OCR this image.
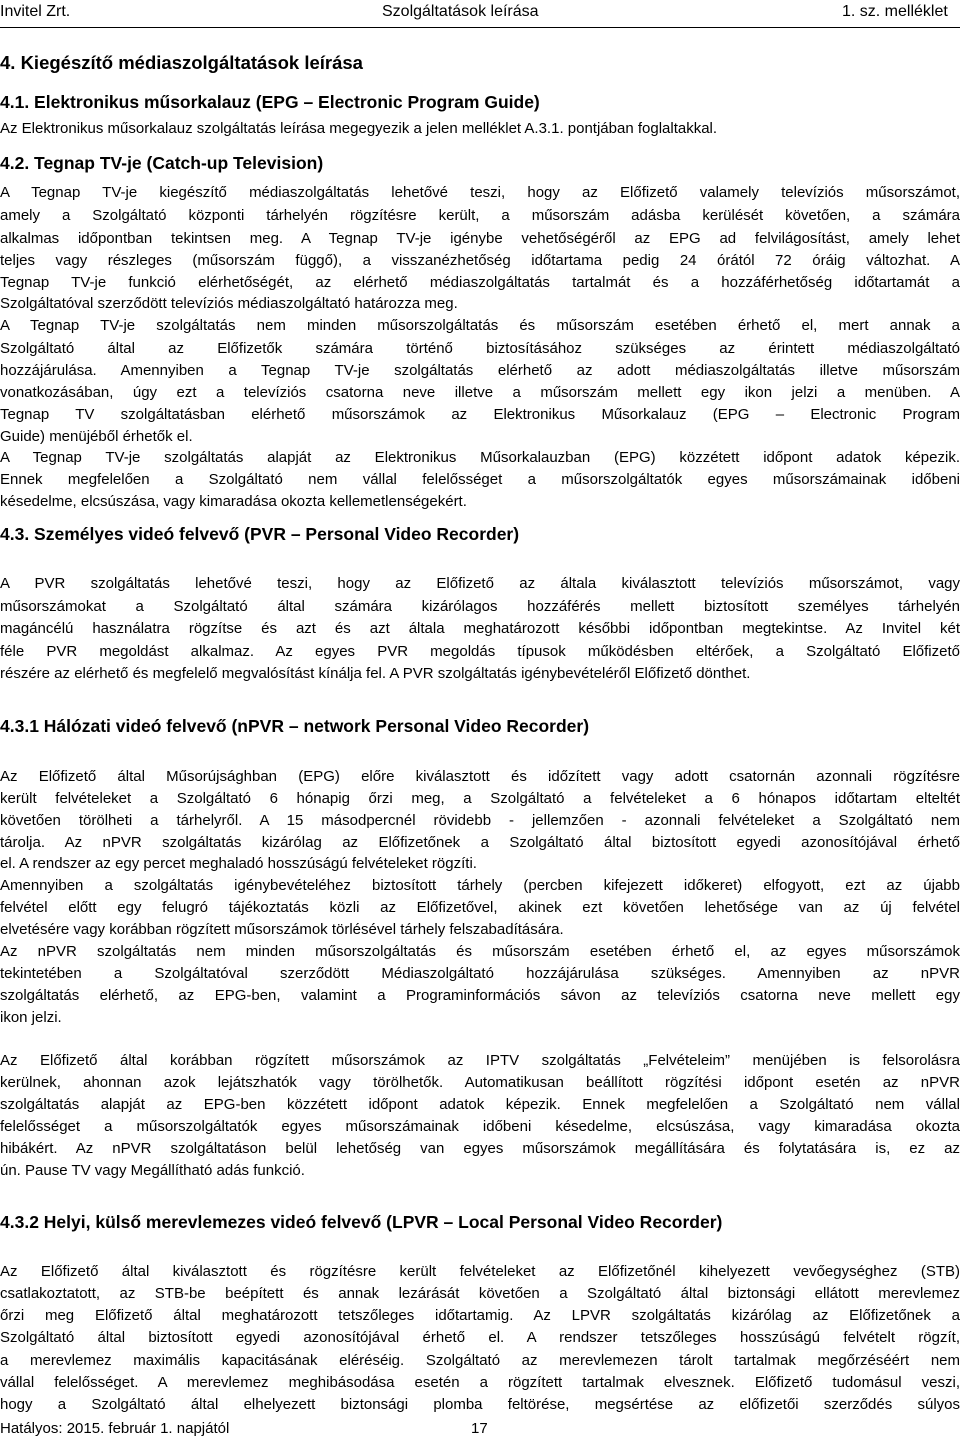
Invitel Zrt.	Szolgáltatások leírása	1. sz. melléklet
4. Kiegészítő médiaszolgáltatások leírása
4.1. Elektronikus műsorkalauz (EPG – Electronic Program Guide)
Az Elektronikus műsorkalauz szolgáltatás leírása megegyezik a jelen melléklet A.3.1. pontjában foglaltakkal.
4.2. Tegnap TV-je (Catch-up Television)
A Tegnap TV-je kiegészítő médiaszolgáltatás lehetővé teszi, hogy az Előfizető valamely televíziós műsorszámot,
amely a Szolgáltató központi tárhelyén rögzítésre került, a műsorszám adásba kerülését követően, a számára
alkalmas időpontban tekintsen meg. A Tegnap TV-je igénybe vehetőségéről az EPG ad felvilágosítást, amely lehet
teljes vagy részleges (műsorszám függő), a visszanézhetőség időtartama pedig 24 órától 72 óráig változhat. A
Tegnap TV-je funkció elérhetőségét, az elérhető médiaszolgáltatás tartalmát és a hozzáférhetőség időtartamát a
Szolgáltatóval szerződött televíziós médiaszolgáltató határozza meg.
A Tegnap TV-je szolgáltatás nem minden műsorszolgáltatás és műsorszám esetében érhető el, mert annak a
Szolgáltató által az Előfizetők számára történő biztosításához szükséges az érintett médiaszolgáltató
hozzájárulása. Amennyiben a Tegnap TV-je szolgáltatás elérhető az adott médiaszolgáltatás illetve műsorszám
vonatkozásában, úgy ezt a televíziós csatorna neve illetve a műsorszám mellett egy ikon jelzi a menüben. A
Tegnap TV szolgáltatásban elérhető műsorszámok az Elektronikus Műsorkalauz (EPG – Electronic Program
Guide) menüjéből érhetők el.
A Tegnap TV-je szolgáltatás alapját az Elektronikus Műsorkalauzban (EPG) közzétett időpont adatok képezik.
Ennek megfelelően a Szolgáltató nem vállal felelősséget a műsorszolgáltatók egyes műsorszámainak időbeni
késedelme, elcsúszása, vagy kimaradása okozta kellemetlenségekért.
4.3. Személyes videó felvevő (PVR – Personal Video Recorder)
A PVR szolgáltatás lehetővé teszi, hogy az Előfizető az általa kiválasztott televíziós műsorszámot, vagy
műsorszámokat a Szolgáltató által számára kizárólagos hozzáférés mellett biztosított személyes tárhelyén
magáncélú használatra rögzítse és azt és azt általa meghatározott későbbi időpontban megtekintse. Az Invitel két
féle PVR megoldást alkalmaz. Az egyes PVR megoldás típusok működésben eltérőek, a Szolgáltató Előfizető
részére az elérhető és megfelelő megvalósítást kínálja fel. A PVR szolgáltatás igénybevételéről Előfizető dönthet.
4.3.1 Hálózati videó felvevő (nPVR – network Personal Video Recorder)
Az Előfizető által Műsorújsághban (EPG) előre kiválasztott és időzített vagy adott csatornán azonnali rögzítésre
került felvételeket a Szolgáltató 6 hónapig őrzi meg, a Szolgáltató a felvételeket a 6 hónapos időtartam elteltét
követően törölheti a tárhelyről. A 15 másodpercnél rövidebb - jellemzően - azonnali felvételeket a Szolgáltató nem
tárolja. Az nPVR szolgáltatás kizárólag az Előfizetőnek a Szolgáltató által biztosított egyedi azonosítójával érhető
el. A rendszer az egy percet meghaladó hosszúságú felvételeket rögzíti.
Amennyiben a szolgáltatás igénybevételéhez biztosított tárhely (percben kifejezett időkeret) elfogyott, ezt az újabb
felvétel előtt egy felugró tájékoztatás közli az Előfizetővel, akinek ezt követően lehetősége van az új felvétel
elvetésére vagy korábban rögzített műsorszámok törlésével tárhely felszabadítására.
Az nPVR szolgáltatás nem minden műsorszolgáltatás és műsorszám esetében érhető el, az egyes műsorszámok
tekintetében a Szolgáltatóval szerződött Médiaszolgáltató hozzájárulása szükséges. Amennyiben az nPVR
szolgáltatás elérhető, az EPG-ben, valamint a Programinformációs sávon az televíziós csatorna neve mellett egy
ikon jelzi.
Az Előfizető által korábban rögzített műsorszámok az IPTV szolgáltatás „Felvételeim” menüjében is felsorolásra
kerülnek, ahonnan azok lejátszhatók vagy törölhetők. Automatikusan beállított rögzítési időpont esetén az nPVR
szolgáltatás alapját az EPG-ben közzétett időpont adatok képezik. Ennek megfelelően a Szolgáltató nem vállal
felelősséget a műsorszolgáltatók egyes műsorszámainak időbeni késedelme, elcsúszása, vagy kimaradása okozta
hibákért. Az nPVR szolgáltatáson belül lehetőség van egyes műsorszámok megállítására és folytatására is, ez az
ún. Pause TV vagy Megállítható adás funkció.
4.3.2 Helyi, külső merevlemezes videó felvevő (LPVR – Local Personal Video Recorder)
Az Előfizető által kiválasztott és rögzítésre került felvételeket az Előfizetőnél kihelyezett vevőegységhez (STB)
csatlakoztatott, az STB-be beépített és annak lezárását követően a Szolgáltató által biztonsági ellátott merevlemez
őrzi meg Előfizető által meghatározott tetszőleges időtartamig. Az LPVR szolgáltatás kizárólag az Előfizetőnek a
Szolgáltató által biztosított egyedi azonosítójával érhető el. A rendszer tetszőleges hosszúságú felvételt rögzít,
a merevlemez maximális kapacitásának eléréséig. Szolgáltató az merevlemezen tárolt tartalmak megőrzéséért nem
vállal felelősséget. A merevlemez meghibásodása esetén a rögzített tartalmak elvesznek. Előfizető tudomásul veszi,
hogy a Szolgáltató által elhelyezett biztonsági plomba feltörése, megsértése az előfizetői szerződés súlyos
Hatályos: 2015. február 1. napjától	17
